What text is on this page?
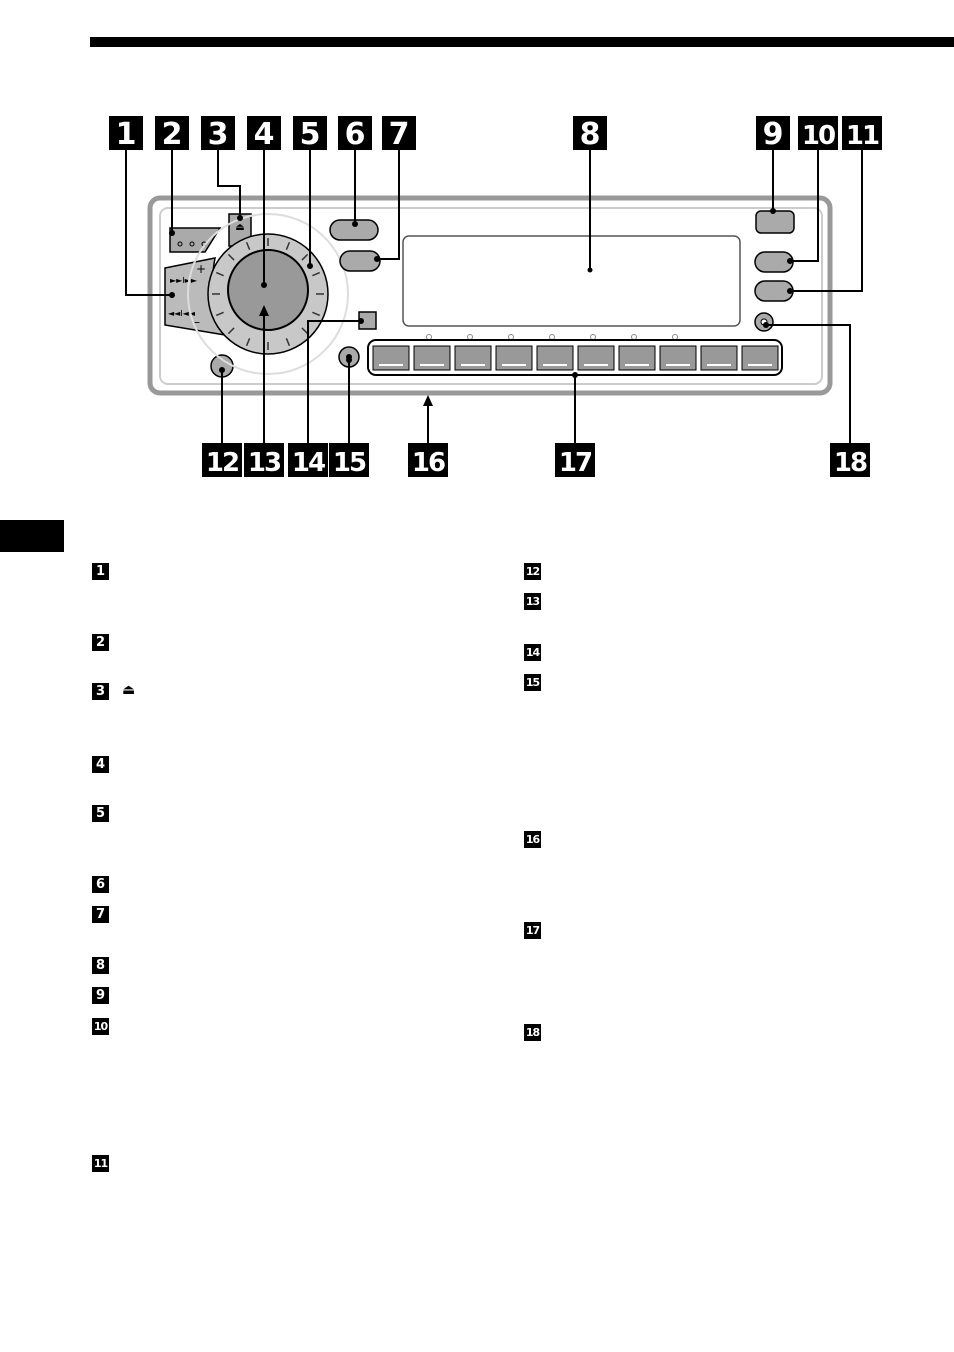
⏏
►►I►►
+
◄◄I◄◄
–
1 2 3 4 5 6 7	8	9 10 11
12 13 14 15 16	17	18
1
2
3 ⏏
4
5
6
7
8
9
10
11
12
13
14
15
16
17
18
